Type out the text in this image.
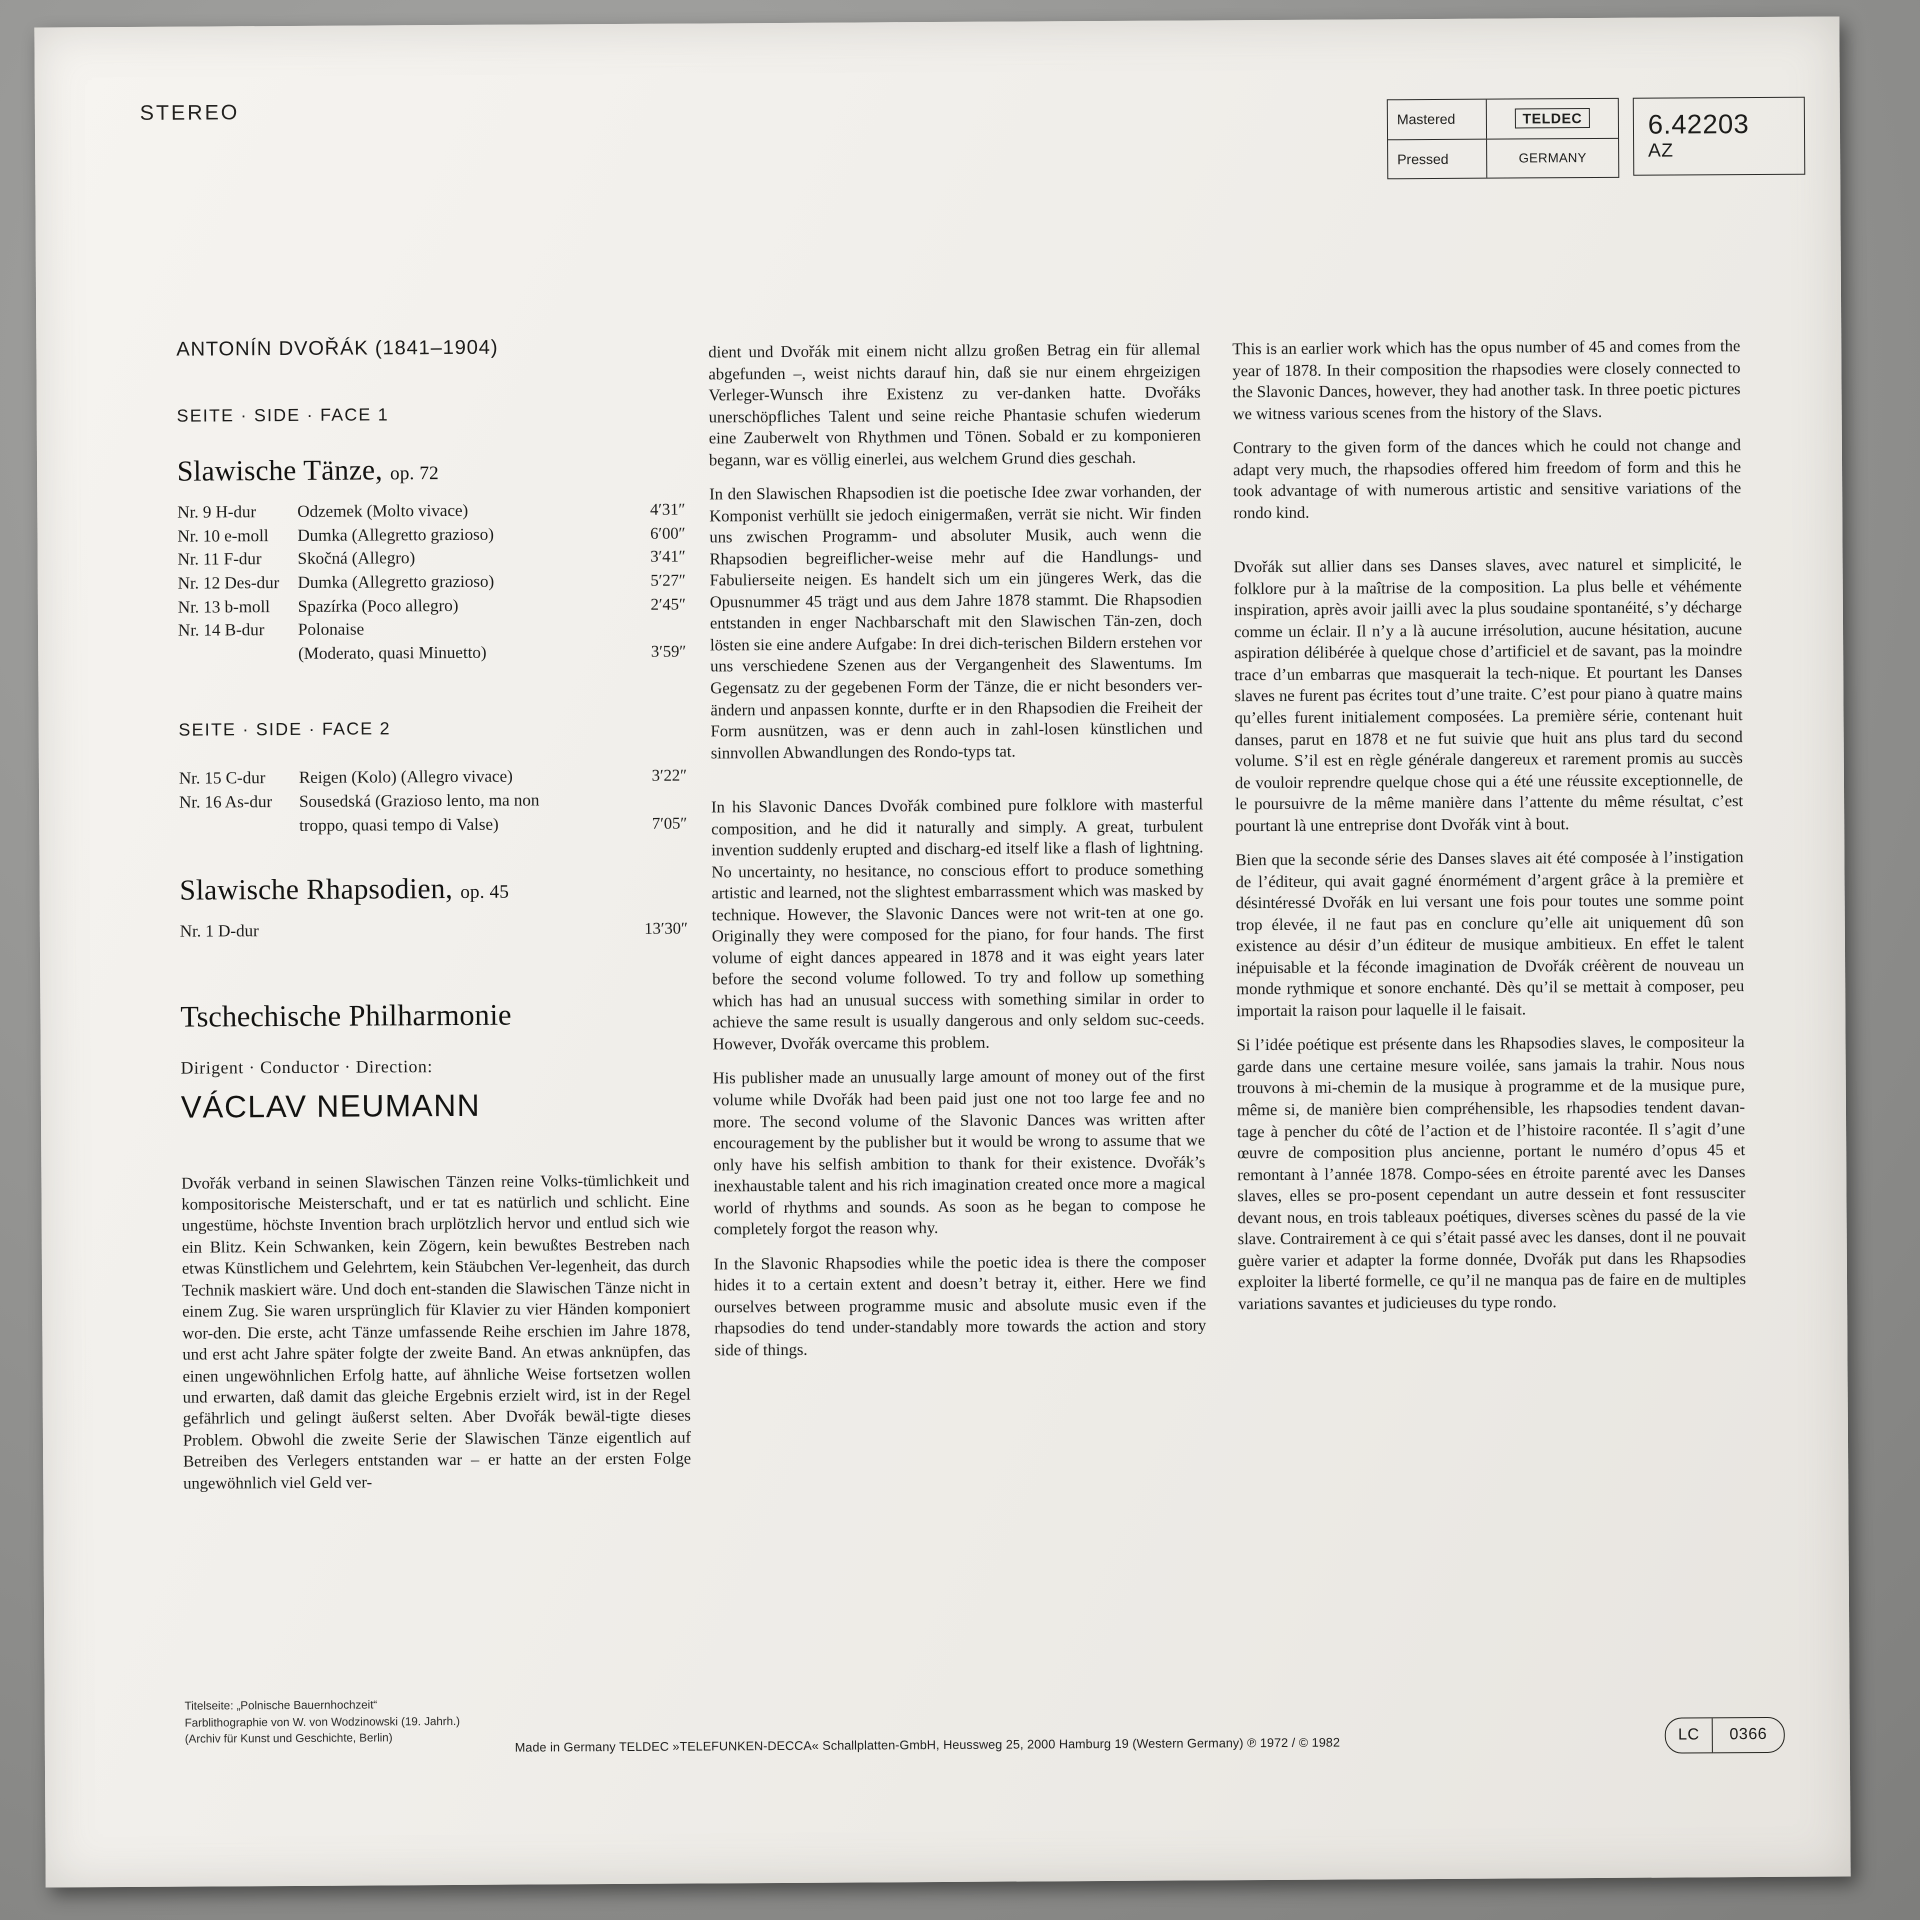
STEREO	Mastered	TELDEC
Pressed	GERMANY
6.42203
AZ
ANTONÍN DVOŘÁK (1841–1904)
SEITE · SIDE · FACE 1
Slawische Tänze, op. 72
Nr. 9 H-dur	Odzemek (Molto vivace)	4′31″
Nr. 10 e-moll	Dumka (Allegretto grazioso)	6′00″
Nr. 11 F-dur	Skočná (Allegro)	3′41″
Nr. 12 Des-dur	Dumka (Allegretto grazioso)	5′27″
Nr. 13 b-moll	Spazírka (Poco allegro)	2′45″
Nr. 14 B-dur	Polonaise	
	(Moderato, quasi Minuetto)	3′59″
SEITE · SIDE · FACE 2
Nr. 15 C-dur	Reigen (Kolo) (Allegro vivace)	3′22″
Nr. 16 As-dur	Sousedská (Grazioso lento, ma non	
	troppo, quasi tempo di Valse)	7′05″
Slawische Rhapsodien, op. 45
Nr. 1 D-dur		13′30″
Tschechische Philharmonie
Dirigent · Conductor · Direction:
VÁCLAV NEUMANN

Dvořák verband in seinen Slawischen Tänzen reine Volks-tümlichkeit und kompositorische Meisterschaft, und er tat es natürlich und schlicht. Eine ungestüme, höchste Invention brach urplötzlich hervor und entlud sich wie ein Blitz. Kein Schwanken, kein Zögern, kein bewußtes Bestreben nach etwas Künstlichem und Gelehrtem, kein Stäubchen Ver-legenheit, das durch Technik maskiert wäre. Und doch ent-standen die Slawischen Tänze nicht in einem Zug. Sie waren ursprünglich für Klavier zu vier Händen komponiert wor-den. Die erste, acht Tänze umfassende Reihe erschien im Jahre 1878, und erst acht Jahre später folgte der zweite Band. An etwas anknüpfen, das einen ungewöhnlichen Erfolg hatte, auf ähnliche Weise fortsetzen wollen und erwarten, daß damit das gleiche Ergebnis erzielt wird, ist in der Regel gefährlich und gelingt äußerst selten. Aber Dvořák bewäl-tigte dieses Problem. Obwohl die zweite Serie der Slawischen Tänze eigentlich auf Betreiben des Verlegers entstanden war – er hatte an der ersten Folge ungewöhnlich viel Geld ver-

dient und Dvořák mit einem nicht allzu großen Betrag ein für allemal abgefunden –, weist nichts darauf hin, daß sie nur einem ehrgeizigen Verleger-Wunsch ihre Existenz zu ver-danken hatte. Dvořáks unerschöpfliches Talent und seine reiche Phantasie schufen wiederum eine Zauberwelt von Rhythmen und Tönen. Sobald er zu komponieren begann, war es völlig einerlei, aus welchem Grund dies geschah.

In den Slawischen Rhapsodien ist die poetische Idee zwar vorhanden, der Komponist verhüllt sie jedoch einigermaßen, verrät sie nicht. Wir finden uns zwischen Programm- und absoluter Musik, auch wenn die Rhapsodien begreiflicher-weise mehr auf die Handlungs- und Fabulierseite neigen. Es handelt sich um ein jüngeres Werk, das die Opusnummer 45 trägt und aus dem Jahre 1878 stammt. Die Rhapsodien entstanden in enger Nachbarschaft mit den Slawischen Tän-zen, doch lösten sie eine andere Aufgabe: In drei dich-terischen Bildern erstehen vor uns verschiedene Szenen aus der Vergangenheit des Slawentums. Im Gegensatz zu der gegebenen Form der Tänze, die er nicht besonders ver-ändern und anpassen konnte, durfte er in den Rhapsodien die Freiheit der Form ausnützen, was er denn auch in zahl-losen künstlichen und sinnvollen Abwandlungen des Rondo-typs tat.

In his Slavonic Dances Dvořák combined pure folklore with masterful composition, and he did it naturally and simply. A great, turbulent invention suddenly erupted and discharg-ed itself like a flash of lightning. No uncertainty, no hesitance, no conscious effort to produce something artistic and learned, not the slightest embarrassment which was masked by technique. However, the Slavonic Dances were not writ-ten at one go. Originally they were composed for the piano, for four hands. The first volume of eight dances appeared in 1878 and it was eight years later before the second volume followed. To try and follow up something which has had an unusual success with something similar in order to achieve the same result is usually dangerous and only seldom suc-ceeds. However, Dvořák overcame this problem.

His publisher made an unusually large amount of money out of the first volume while Dvořák had been paid just one not too large fee and no more. The second volume of the Slavonic Dances was written after encouragement by the publisher but it would be wrong to assume that we only have his selfish ambition to thank for their existence. Dvořák’s inexhaustable talent and his rich imagination created once more a magical world of rhythms and sounds. As soon as he began to compose he completely forgot the reason why.

In the Slavonic Rhapsodies while the poetic idea is there the composer hides it to a certain extent and doesn’t betray it, either. Here we find ourselves between programme music and absolute music even if the rhapsodies do tend under-standably more towards the action and story side of things.

This is an earlier work which has the opus number of 45 and comes from the year of 1878. In their composition the rhapsodies were closely connected to the Slavonic Dances, however, they had another task. In three poetic pictures we witness various scenes from the history of the Slavs.

Contrary to the given form of the dances which he could not change and adapt very much, the rhapsodies offered him freedom of form and this he took advantage of with numerous artistic and sensitive variations of the rondo kind.

Dvořák sut allier dans ses Danses slaves, avec naturel et simplicité, le folklore pur à la maîtrise de la composition. La plus belle et véhémente inspiration, après avoir jailli avec la plus soudaine spontanéité, s’y décharge comme un éclair. Il n’y a là aucune irrésolution, aucune hésitation, aucune aspiration délibérée à quelque chose d’artificiel et de savant, pas la moindre trace d’un embarras que masquerait la tech-nique. Et pourtant les Danses slaves ne furent pas écrites tout d’une traite. C’est pour piano à quatre mains qu’elles furent initialement composées. La première série, contenant huit danses, parut en 1878 et ne fut suivie que huit ans plus tard du second volume. S’il est en règle générale dangereux et rarement promis au succès de vouloir reprendre quelque chose qui a été une réussite exceptionnelle, de le poursuivre de la même manière dans l’attente du même résultat, c’est pourtant là une entreprise dont Dvořák vint à bout.

Bien que la seconde série des Danses slaves ait été composée à l’instigation de l’éditeur, qui avait gagné énormément d’argent grâce à la première et désintéressé Dvořák en lui versant une fois pour toutes une somme point trop élevée, il ne faut pas en conclure qu’elle ait uniquement dû son existence au désir d’un éditeur de musique ambitieux. En effet le talent inépuisable et la féconde imagination de Dvořák créèrent de nouveau un monde rythmique et sonore enchanté. Dès qu’il se mettait à composer, peu importait la raison pour laquelle il le faisait.

Si l’idée poétique est présente dans les Rhapsodies slaves, le compositeur la garde dans une certaine mesure voilée, sans jamais la trahir. Nous nous trouvons à mi-chemin de la musique à programme et de la musique pure, même si, de manière bien compréhensible, les rhapsodies tendent davan-tage à pencher du côté de l’action et de l’histoire racontée. Il s’agit d’une œuvre de composition plus ancienne, portant le numéro d’opus 45 et remontant à l’année 1878. Compo-sées en étroite parenté avec les Danses slaves, elles se pro-posent cependant un autre dessein et font ressusciter devant nous, en trois tableaux poétiques, diverses scènes du passé de la vie slave. Contrairement à ce qui s’était passé avec les danses, dont il ne pouvait guère varier et adapter la forme donnée, Dvořák put dans les Rhapsodies exploiter la liberté formelle, ce qu’il ne manqua pas de faire en de multiples variations savantes et judicieuses du type rondo.

Titelseite: „Polnische Bauernhochzeit“
Farblithographie von W. von Wodzinowski (19. Jahrh.)
(Archiv für Kunst und Geschichte, Berlin)	Made in Germany TELDEC »TELEFUNKEN-DECCA« Schallplatten-GmbH, Heussweg 25, 2000 Hamburg 19 (Western Germany) ℗ 1972 / © 1982
LC	0366
